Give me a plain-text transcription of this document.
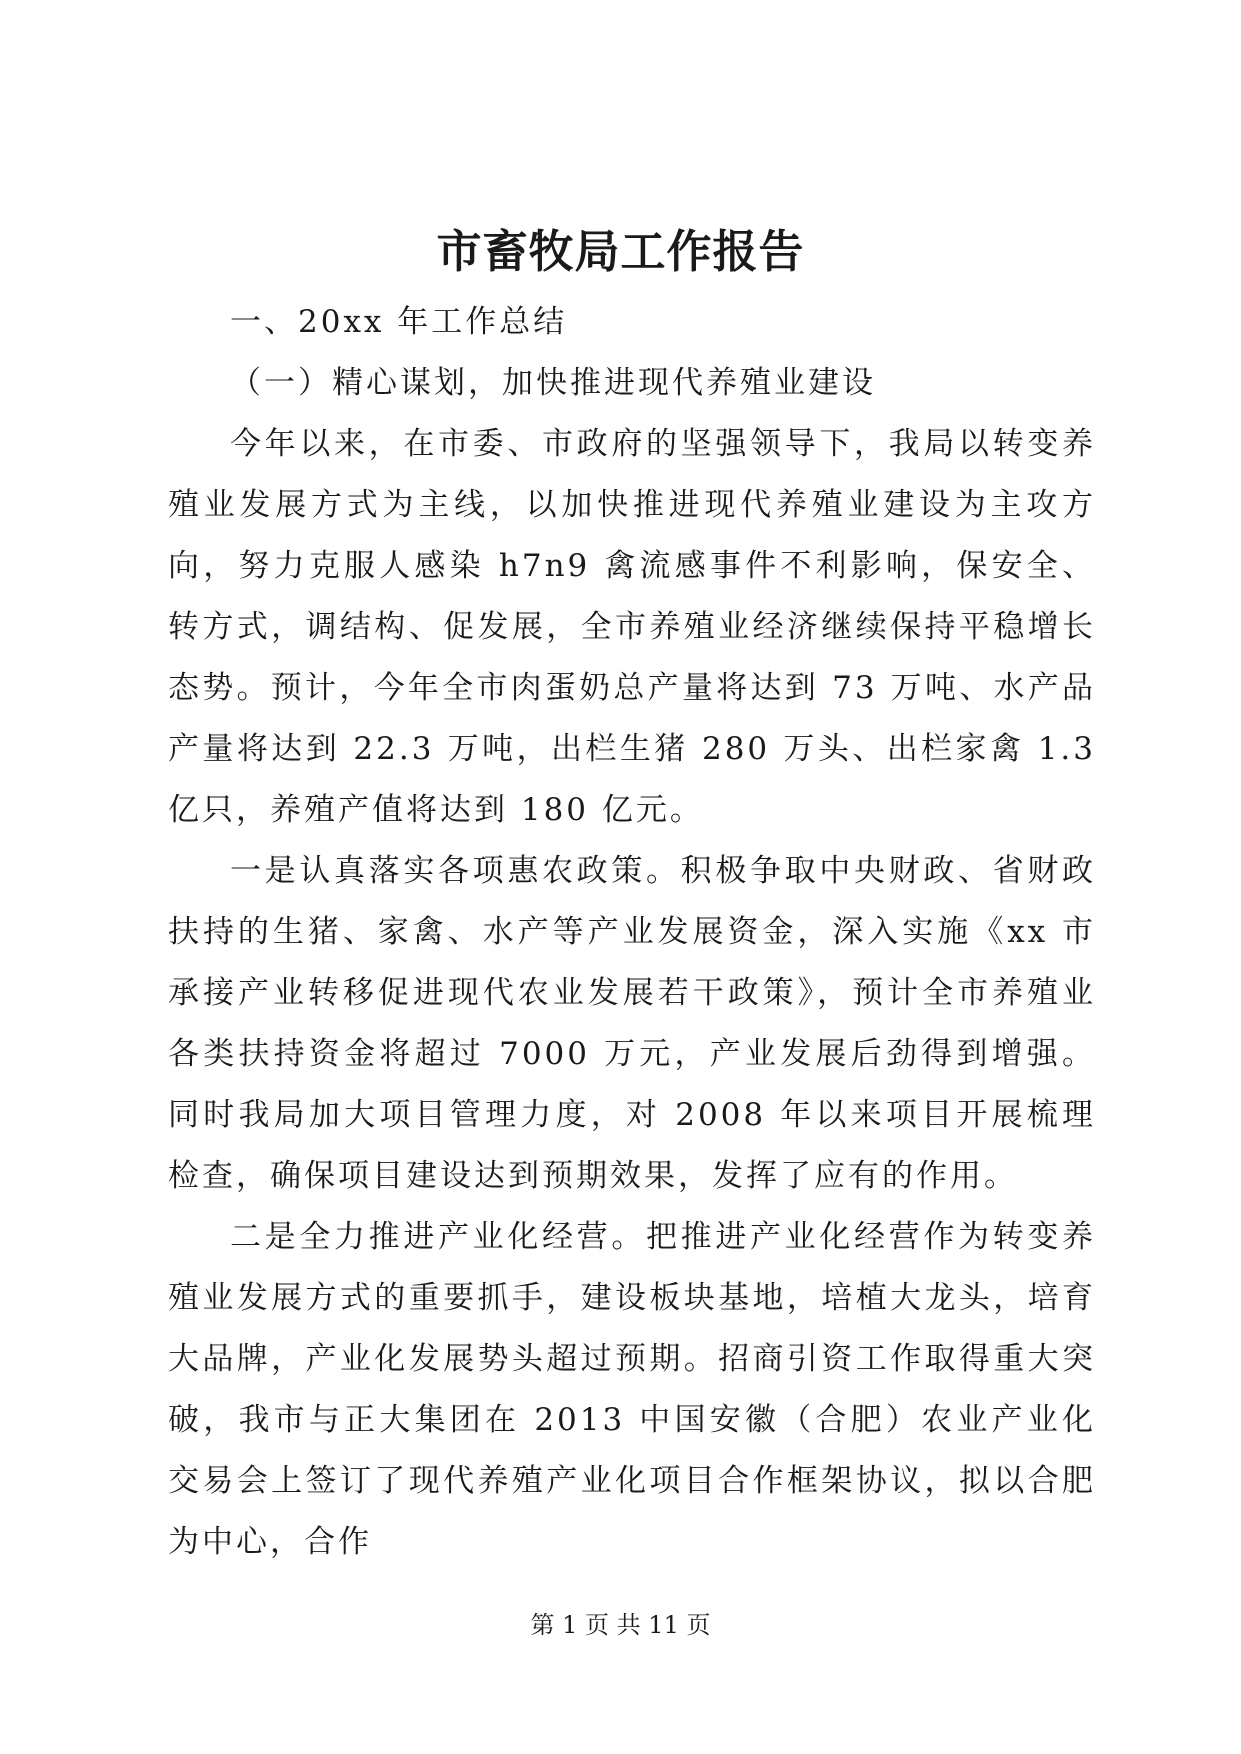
市畜牧局工作报告

一、20xx 年工作总结

（一）精心谋划，加快推进现代养殖业建设

今年以来，在市委、市政府的坚强领导下，我局以转变养殖业发展方式为主线，以加快推进现代养殖业建设为主攻方向，努力克服人感染 h7n9 禽流感事件不利影响，保安全、转方式，调结构、促发展，全市养殖业经济继续保持平稳增长态势。预计，今年全市肉蛋奶总产量将达到 73 万吨、水产品产量将达到 22.3 万吨，出栏生猪 280 万头、出栏家禽 1.3 亿只，养殖产值将达到 180 亿元。

一是认真落实各项惠农政策。积极争取中央财政、省财政扶持的生猪、家禽、水产等产业发展资金，深入实施《xx 市承接产业转移促进现代农业发展若干政策》，预计全市养殖业各类扶持资金将超过 7000 万元，产业发展后劲得到增强。同时我局加大项目管理力度，对 2008 年以来项目开展梳理检查，确保项目建设达到预期效果，发挥了应有的作用。

二是全力推进产业化经营。把推进产业化经营作为转变养殖业发展方式的重要抓手，建设板块基地，培植大龙头，培育大品牌，产业化发展势头超过预期。招商引资工作取得重大突破，我市与正大集团在 2013 中国安徽（合肥）农业产业化交易会上签订了现代养殖产业化项目合作框架协议，拟以合肥为中心，合作

第 1 页 共 11 页
